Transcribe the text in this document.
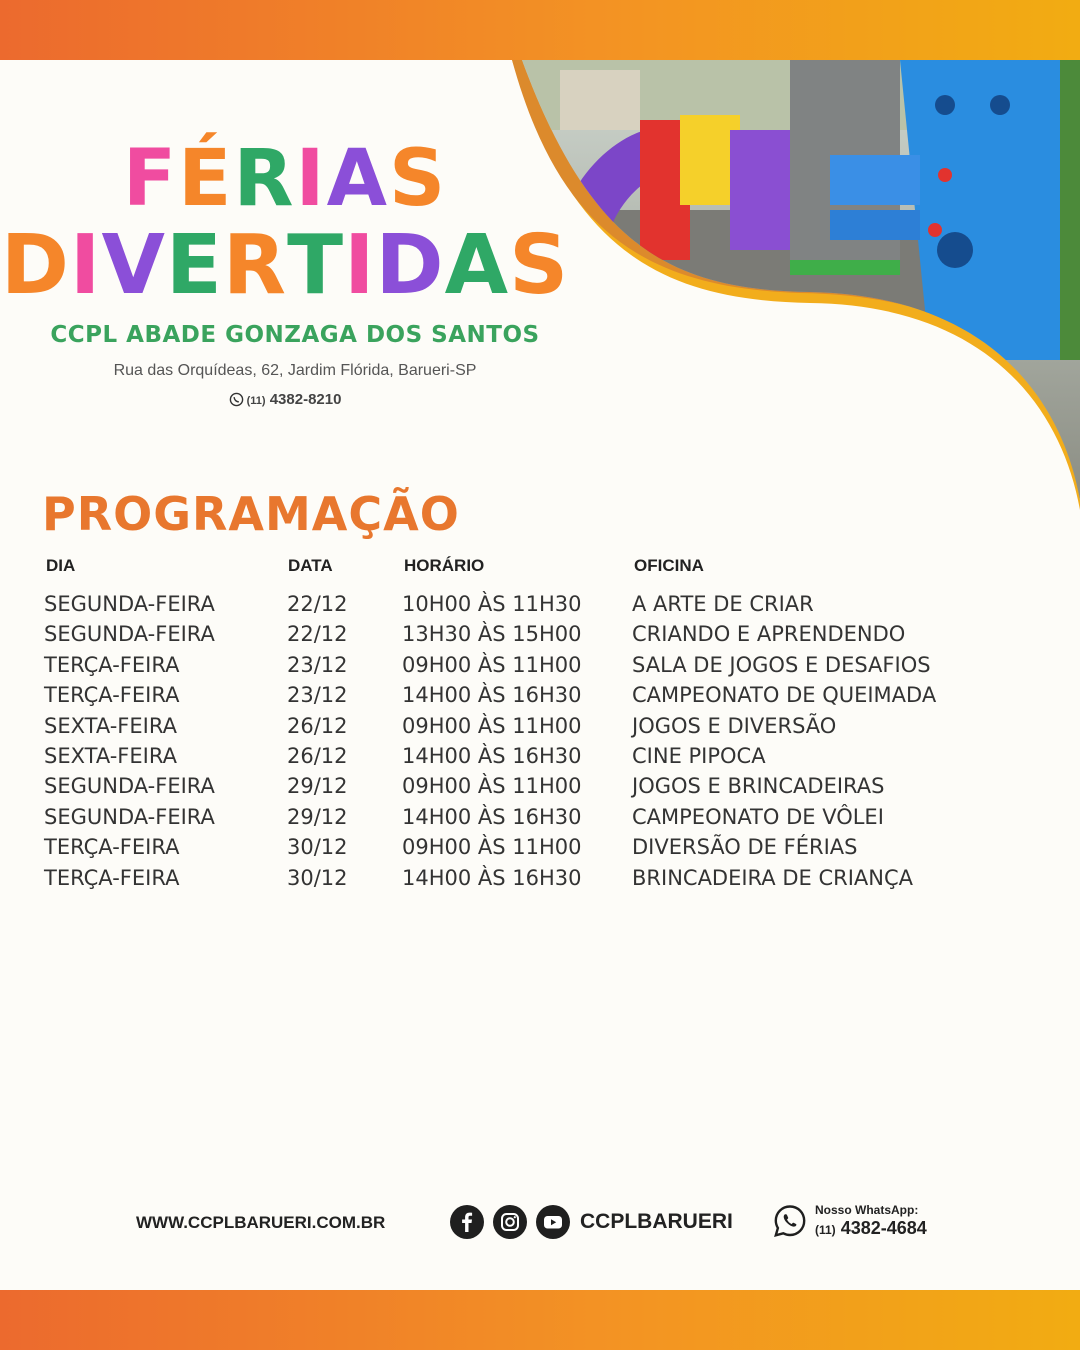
FÉRIAS
DIVERTIDAS
CCPL ABADE GONZAGA DOS SANTOS
Rua das Orquídeas, 62, Jardim Flórida, Barueri-SP
(11) 4382-8210
PROGRAMAÇÃO
DIA	DATA	HORÁRIO	OFICINA
SEGUNDA-FEIRA	22/12	10H00 ÀS 11H30 A ARTE DE CRIAR
SEGUNDA-FEIRA	22/12	13H30 ÀS 15H00 CRIANDO E APRENDENDO
TERÇA-FEIRA	23/12	09H00 ÀS 11H00 SALA DE JOGOS E DESAFIOS
TERÇA-FEIRA	23/12	14H00 ÀS 16H30 CAMPEONATO DE QUEIMADA
SEXTA-FEIRA	26/12	09H00 ÀS 11H00 JOGOS E DIVERSÃO
SEXTA-FEIRA	26/12	14H00 ÀS 16H30 CINE PIPOCA
SEGUNDA-FEIRA	29/12	09H00 ÀS 11H00 JOGOS E BRINCADEIRAS
SEGUNDA-FEIRA	29/12	14H00 ÀS 16H30 CAMPEONATO DE VÔLEI
TERÇA-FEIRA	30/12	09H00 ÀS 11H00 DIVERSÃO DE FÉRIAS
TERÇA-FEIRA	30/12	14H00 ÀS 16H30 BRINCADEIRA DE CRIANÇA
WWW.CCPLBARUERI.COM.BR	CCPLBARUERI	Nosso WhatsApp:
(11) 4382-4684
